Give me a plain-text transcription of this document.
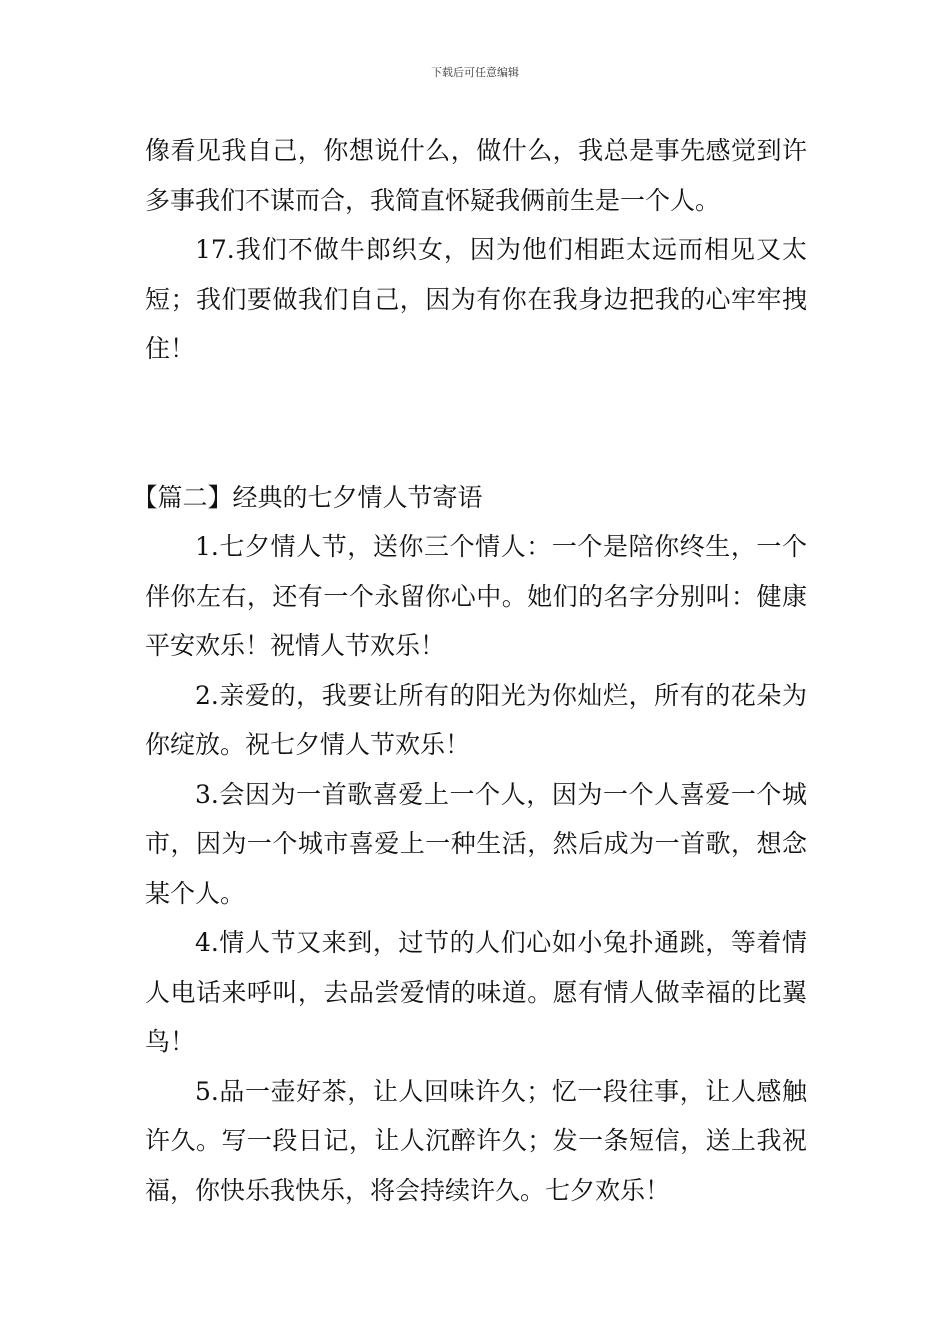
下载后可任意编辑

像看见我自己，你想说什么，做什么，我总是事先感觉到许多事我们不谋而合，我简直怀疑我俩前生是一个人。

17.我们不做牛郎织女，因为他们相距太远而相见又太短；我们要做我们自己，因为有你在我身边把我的心牢牢拽住！

【篇二】经典的七夕情人节寄语

1.七夕情人节，送你三个情人：一个是陪你终生，一个伴你左右，还有一个永留你心中。她们的名字分别叫：健康平安欢乐！祝情人节欢乐！

2.亲爱的，我要让所有的阳光为你灿烂，所有的花朵为你绽放。祝七夕情人节欢乐！

3.会因为一首歌喜爱上一个人，因为一个人喜爱一个城市，因为一个城市喜爱上一种生活，然后成为一首歌，想念某个人。

4.情人节又来到，过节的人们心如小兔扑通跳，等着情人电话来呼叫，去品尝爱情的味道。愿有情人做幸福的比翼鸟！

5.品一壶好茶，让人回味许久；忆一段往事，让人感触许久。写一段日记，让人沉醉许久；发一条短信，送上我祝福，你快乐我快乐，将会持续许久。七夕欢乐！
